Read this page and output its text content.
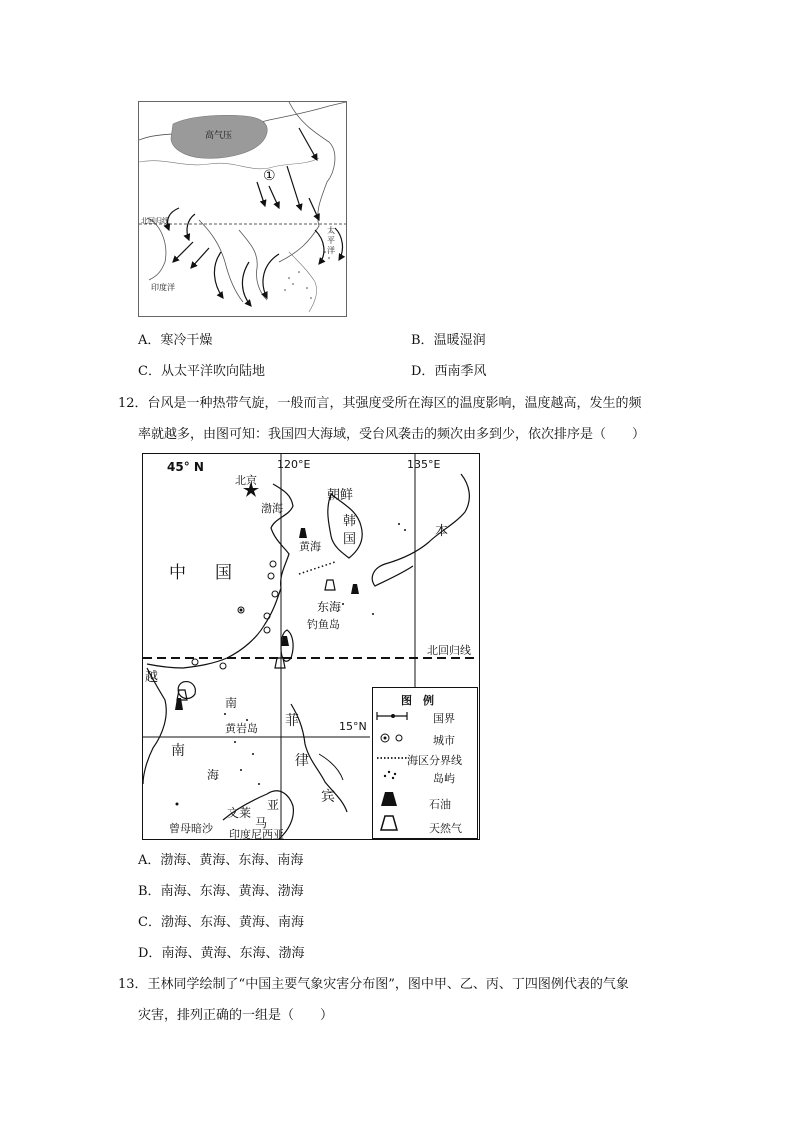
高气压
①
北回归线
太平洋
印度洋
A．寒冷干燥	B．温暖湿润
C．从太平洋吹向陆地	D．西南季风
12．台风是一种热带气旋，一般而言，其强度受所在海区的温度影响，温度越高，发生的频
率就越多，由图可知：我国四大海域，受台风袭击的频次由多到少，依次排序是（　　）
45° N	120°E	135°E
北京
渤海
朝鲜
韩
国
黄海
本
中 国
东海
钓鱼岛
北回归线
越
南
黄岩岛	15°N
南
海
菲
律
宾
文莱
马
亚
曾母暗沙 印度尼西亚
图　例
国界
城市
海区分界线
岛屿
石油
天然气
A．渤海、黄海、东海、南海
B．南海、东海、黄海、渤海
C．渤海、东海、黄海、南海
D．南海、黄海、东海、渤海
13．王林同学绘制了“中国主要气象灾害分布图”，图中甲、乙、丙、丁四图例代表的气象
灾害，排列正确的一组是（　　）
